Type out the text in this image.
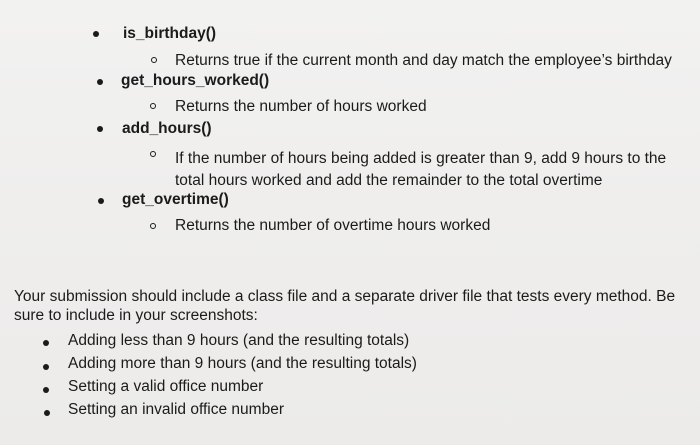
is_birthday()
Returns true if the current month and day match the employee’s birthday
get_hours_worked()
Returns the number of hours worked
add_hours()
If the number of hours being added is greater than 9, add 9 hours to the
total hours worked and add the remainder to the total overtime
get_overtime()
Returns the number of overtime hours worked
Your submission should include a class file and a separate driver file that tests every method. Be
sure to include in your screenshots:
Adding less than 9 hours (and the resulting totals)
Adding more than 9 hours (and the resulting totals)
Setting a valid office number
Setting an invalid office number
